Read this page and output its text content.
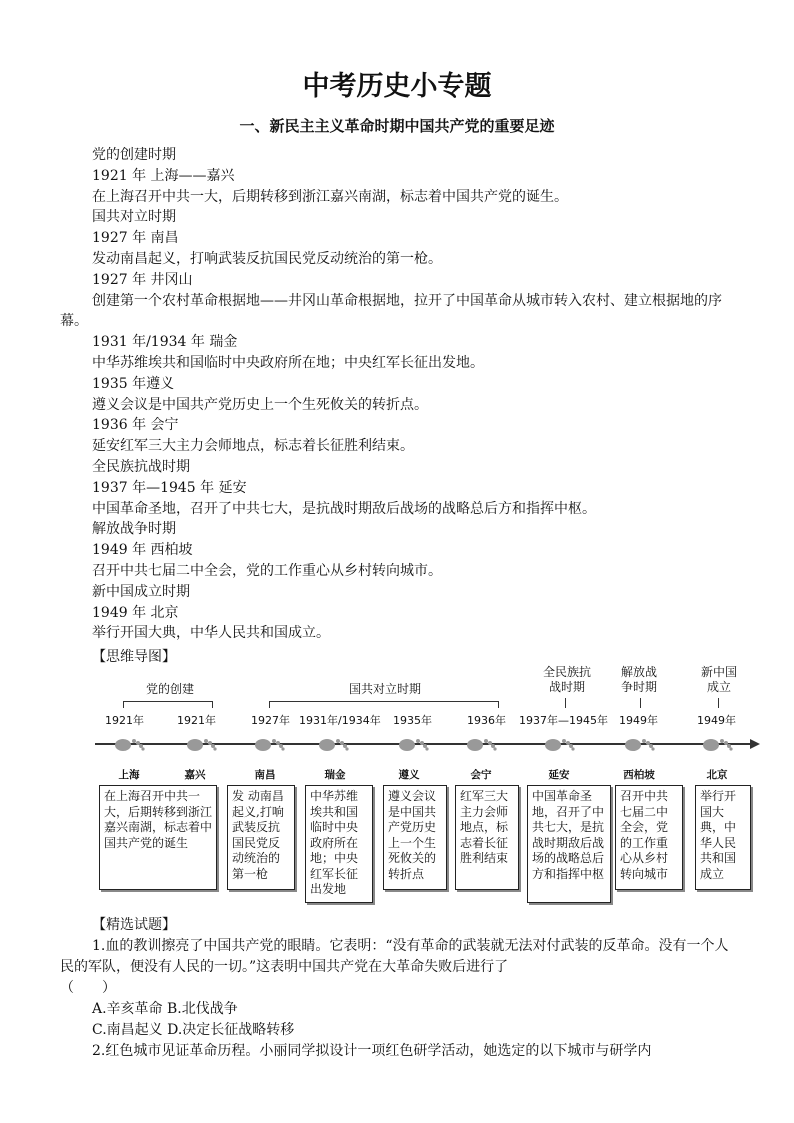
中考历史小专题
一、新民主主义革命时期中国共产党的重要足迹

党的创建时期

1921 年 上海——嘉兴

在上海召开中共一大，后期转移到浙江嘉兴南湖，标志着中国共产党的诞生。

国共对立时期

1927 年 南昌

发动南昌起义，打响武装反抗国民党反动统治的第一枪。

1927 年 井冈山

创建第一个农村革命根据地——井冈山革命根据地，拉开了中国革命从城市转入农村、建立根据地的序幕。

1931 年/1934 年 瑞金

中华苏维埃共和国临时中央政府所在地；中央红军长征出发地。

1935 年遵义

遵义会议是中国共产党历史上一个生死攸关的转折点。

1936 年 会宁

延安红军三大主力会师地点，标志着长征胜利结束。

全民族抗战时期

1937 年—1945 年 延安

中国革命圣地，召开了中共七大，是抗战时期敌后战场的战略总后方和指挥中枢。

解放战争时期

1949 年 西柏坡

召开中共七届二中全会，党的工作重心从乡村转向城市。

新中国成立时期

1949 年 北京

举行开国大典，中华人民共和国成立。

【思维导图】
党的创建	国共对立时期
全民族抗
战时期
解放战
争时期
新中国
成立
1921年	1921年	1927年 1931年/1934年 1935年	1936年 1937年—1945年 1949年	1949年
上海	嘉兴	南昌	瑞金	遵义	会宁	延安	西柏坡	北京
在上海召开中共一大，后期转移到浙江嘉兴南湖，标志着中国共产党的诞生
发 动南昌起义,打响武装反抗国民党反动统治的第一枪
中华苏维埃共和国临时中央政府所在地；中央红军长征出发地
遵义会议是中国共产党历史上一个生死攸关的转折点
红军三大主力会师地点，标志着长征胜利结束
中国革命圣地，召开了中共七大，是抗战时期敌后战场的战略总后方和指挥中枢
召开中共七届二中全会，党的工作重心从乡村转向城市
举行开国大典，中华人民共和国成立

【精选试题】

1.血的教训擦亮了中国共产党的眼睛。它表明：“没有革命的武装就无法对付武装的反革命。没有一个人民的军队，便没有人民的一切。”这表明中国共产党在大革命失败后进行了

（　　）

A.辛亥革命 B.北伐战争

C.南昌起义 D.决定长征战略转移

2.红色城市见证革命历程。小丽同学拟设计一项红色研学活动，她选定的以下城市与研学内
